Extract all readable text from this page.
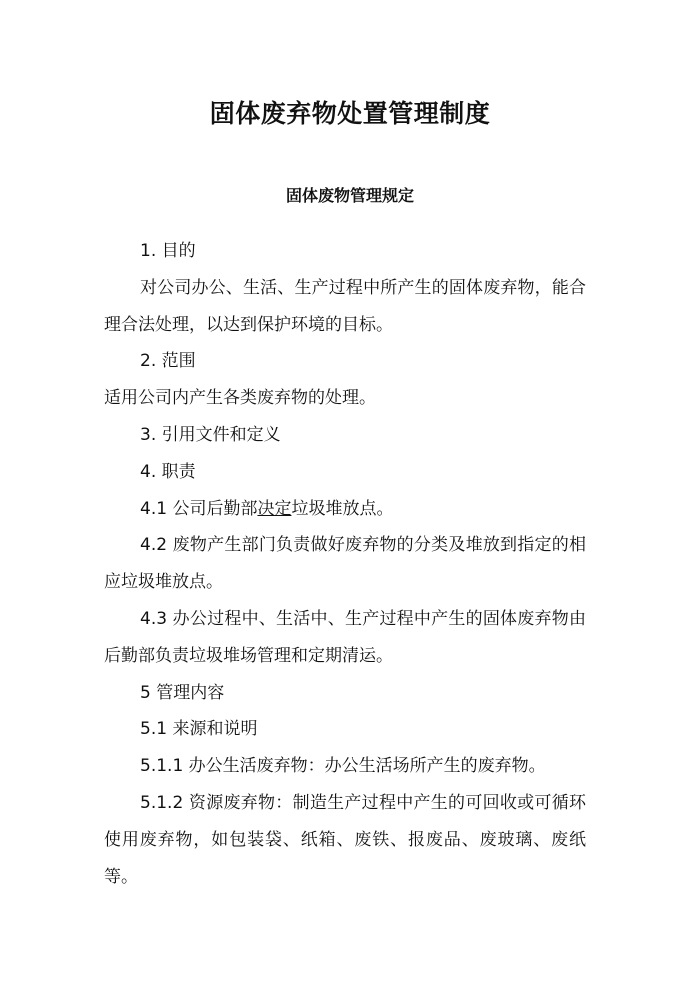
固体废弃物处置管理制度
固体废物管理规定

1. 目的

对公司办公、生活、生产过程中所产生的固体废弃物，能合理合法处理，以达到保护环境的目标。

2. 范围

适用公司内产生各类废弃物的处理。

3. 引用文件和定义

4. 职责

4.1 公司后勤部决定垃圾堆放点。

4.2 废物产生部门负责做好废弃物的分类及堆放到指定的相应垃圾堆放点。

4.3 办公过程中、生活中、生产过程中产生的固体废弃物由后勤部负责垃圾堆场管理和定期清运。

5 管理内容

5.1 来源和说明

5.1.1 办公生活废弃物：办公生活场所产生的废弃物。

5.1.2 资源废弃物：制造生产过程中产生的可回收或可循环使用废弃物，如包装袋、纸箱、废铁、报废品、废玻璃、废纸等。
